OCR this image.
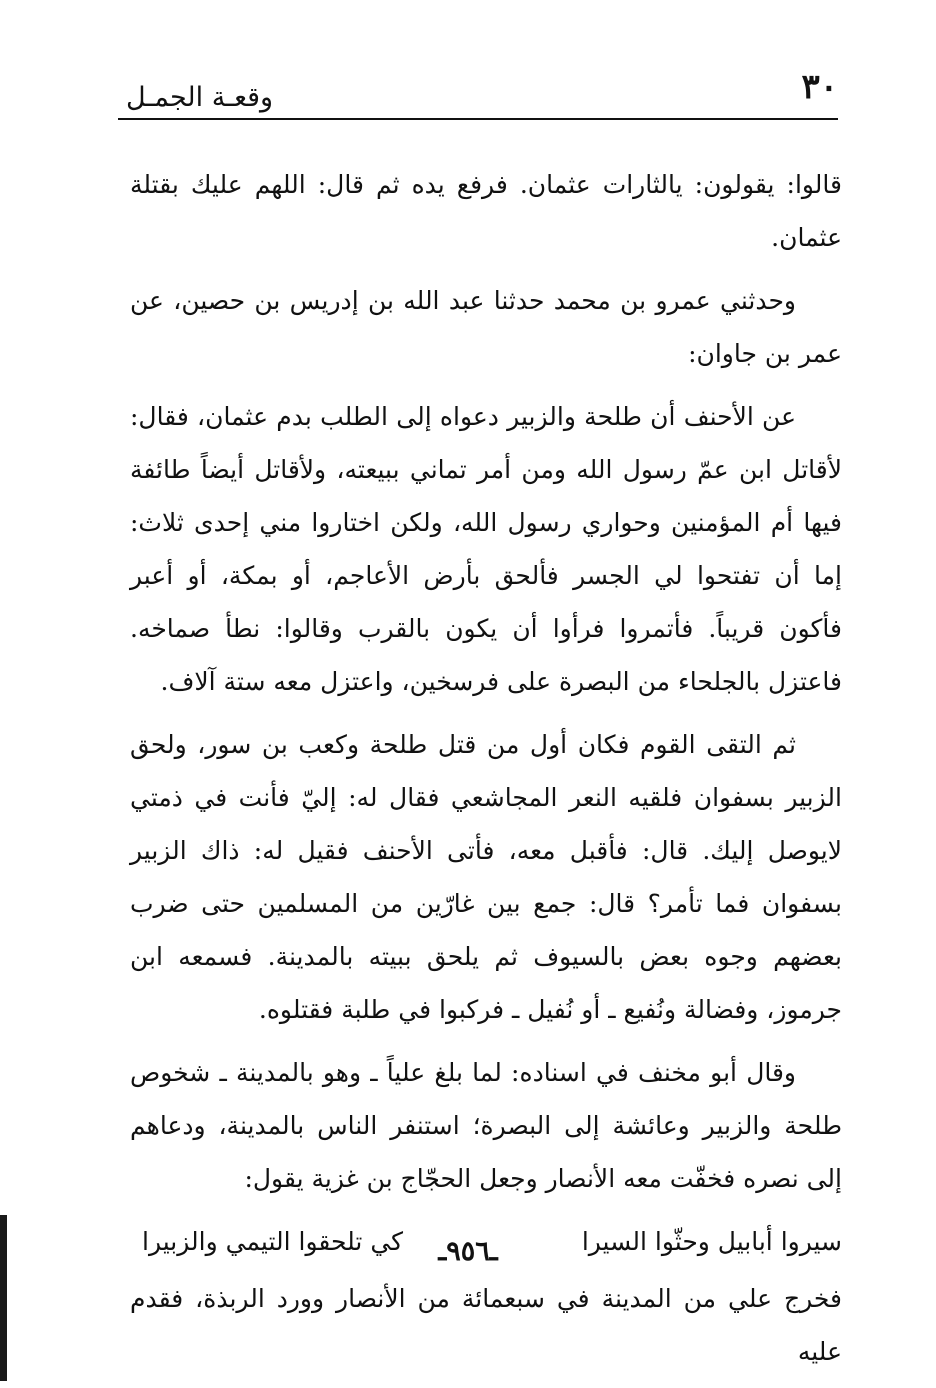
٣٠
وقعـة الجمـل

قالوا: يقولون: يالثارات عثمان. فرفع يده ثم قال: اللهم عليك بقتلة عثمان.

وحدثني عمرو بن محمد حدثنا عبد الله بن إدريس بن حصين، عن عمر بن جاوان:

عن الأحنف أن طلحة والزبير دعواه إلى الطلب بدم عثمان، فقال: لأقاتل ابن عمّ رسول الله ومن أمر تماني ببيعته، ولأقاتل أيضاً طائفة فيها أم المؤمنين وحواري رسول الله، ولكن اختاروا مني إحدى ثلاث: إما أن تفتحوا لي الجسر فألحق بأرض الأعاجم، أو بمكة، أو أعبر فأكون قريباً. فأتمروا فرأوا أن يكون بالقرب وقالوا: نطأ صماخه. فاعتزل بالجلحاء من البصرة على فرسخين، واعتزل معه ستة آلاف.

ثم التقى القوم فكان أول من قتل طلحة وكعب بن سور، ولحق الزبير بسفوان فلقيه النعر المجاشعي فقال له: إليّ فأنت في ذمتي لايوصل إليك. قال: فأقبل معه، فأتى الأحنف فقيل له: ذاك الزبير بسفوان فما تأمر؟ قال: جمع بين غارّين من المسلمين حتى ضرب بعضهم وجوه بعض بالسيوف ثم يلحق ببيته بالمدينة. فسمعه ابن جرموز، وفضالة ونُفيع ـ أو نُفيل ـ فركبوا في طلبة فقتلوه.

وقال أبو مخنف في اسناده: لما بلغ علياً ـ وهو بالمدينة ـ شخوص طلحة والزبير وعائشة إلى البصرة؛ استنفر الناس بالمدينة، ودعاهم إلى نصره فخفّت معه الأنصار وجعل الحجّاج بن غزية يقول:

سيروا أبابيل وحثّوا السيرا
كي تلحقوا التيمي والزبيرا

فخرج علي من المدينة في سبعمائة من الأنصار وورد الربذة، فقدم عليه

ـ٩٥٦ـ
